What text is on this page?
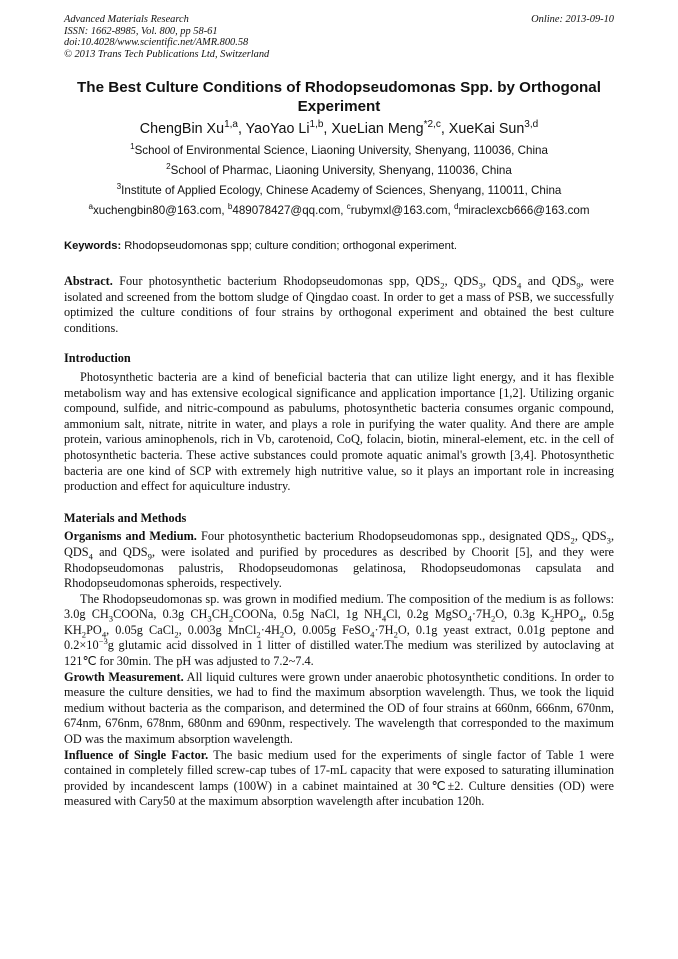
Advanced Materials Research	Online: 2013-09-10
ISSN: 1662-8985, Vol. 800, pp 58-61
doi:10.4028/www.scientific.net/AMR.800.58
© 2013 Trans Tech Publications Ltd, Switzerland
The Best Culture Conditions of Rhodopseudomonas Spp. by Orthogonal Experiment
ChengBin Xu$^{1,a}$, YaoYao Li$^{1,b}$, XueLian Meng$^{*2,c}$, XueKai Sun$^{3,d}$
$^1$School of Environmental Science, Liaoning University, Shenyang, 110036, China
$^2$School of Pharmac, Liaoning University, Shenyang, 110036, China
$^3$Institute of Applied Ecology, Chinese Academy of Sciences, Shenyang, 110011, China
$^a$xuchengbin80@163.com, $^b$489078427@qq.com, $^c$rubymxl@163.com, $^d$miraclexcb666@163.com
Keywords: Rhodopseudomonas spp; culture condition; orthogonal experiment.
Abstract. Four photosynthetic bacterium Rhodopseudomonas spp, $QDS_2$, $QDS_3$, $QDS_4$ and $QDS_9$, were isolated and screened from the bottom sludge of Qingdao coast. In order to get a mass of PSB, we successfully optimized the culture conditions of four strains by orthogonal experiment and obtained the best culture conditions.
Introduction
Photosynthetic bacteria are a kind of beneficial bacteria that can utilize light energy, and it has flexible metabolism way and has extensive ecological significance and application importance [1,2]. Utilizing organic compound, sulfide, and nitric-compound as pabulums, photosynthetic bacteria consumes organic compound, ammonium salt, nitrate, nitrite in water, and plays a role in purifying the water quality. And there are ample protein, various aminophenols, rich in Vb, carotenoid, CoQ, folacin, biotin, mineral-element, etc. in the cell of photosynthetic bacteria. These active substances could promote aquatic animal's growth [3,4]. Photosynthetic bacteria are one kind of SCP with extremely high nutritive value, so it plays an important role in increasing production and effect for aquiculture industry.
Materials and Methods
Organisms and Medium. Four photosynthetic bacterium Rhodopseudomonas spp., designated $QDS_2$, $QDS_3$, $QDS_4$ and $QDS_9$, were isolated and purified by procedures as described by Choorit [5], and they were Rhodopseudomonas palustris, Rhodopseudomonas gelatinosa, Rhodopseudomonas capsulata and Rhodopseudomonas spheroids, respectively.
The Rhodopseudomonas sp. was grown in modified medium. The composition of the medium is as follows: 3.0g $CH_3COONa$, 0.3g $CH_3CH_2COONa$, 0.5g NaCl, 1g $NH_4Cl$, 0.2g $MgSO_4\cdot 7H_2O$, 0.3g $K_2HPO_4$, 0.5g $KH_2PO_4$, 0.05g CaCl$_2$, 0.003g $MnCl_2\cdot 4H_2O$, 0.005g $FeSO_4\cdot 7H_2O$, 0.1g yeast extract, 0.01g peptone and $0.2\times 10^{-3}g$ glutamic acid dissolved in 1 litter of distilled water.The medium was sterilized by autoclaving at 121℃ for 30min. The pH was adjusted to 7.2~7.4.
Growth Measurement. All liquid cultures were grown under anaerobic photosynthetic conditions. In order to measure the culture densities, we had to find the maximum absorption wavelength. Thus, we took the liquid medium without bacteria as the comparison, and determined the OD of four strains at 660nm, 666nm, 670nm, 674nm, 676nm, 678nm, 680nm and 690nm, respectively. The wavelength that corresponded to the maximum OD was the maximum absorption wavelength.
Influence of Single Factor. The basic medium used for the experiments of single factor of Table 1 were contained in completely filled screw-cap tubes of 17-mL capacity that were exposed to saturating illumination provided by incandescent lamps (100W) in a cabinet maintained at 30℃±2. Culture densities (OD) were measured with Cary50 at the maximum absorption wavelength after incubation 120h.
